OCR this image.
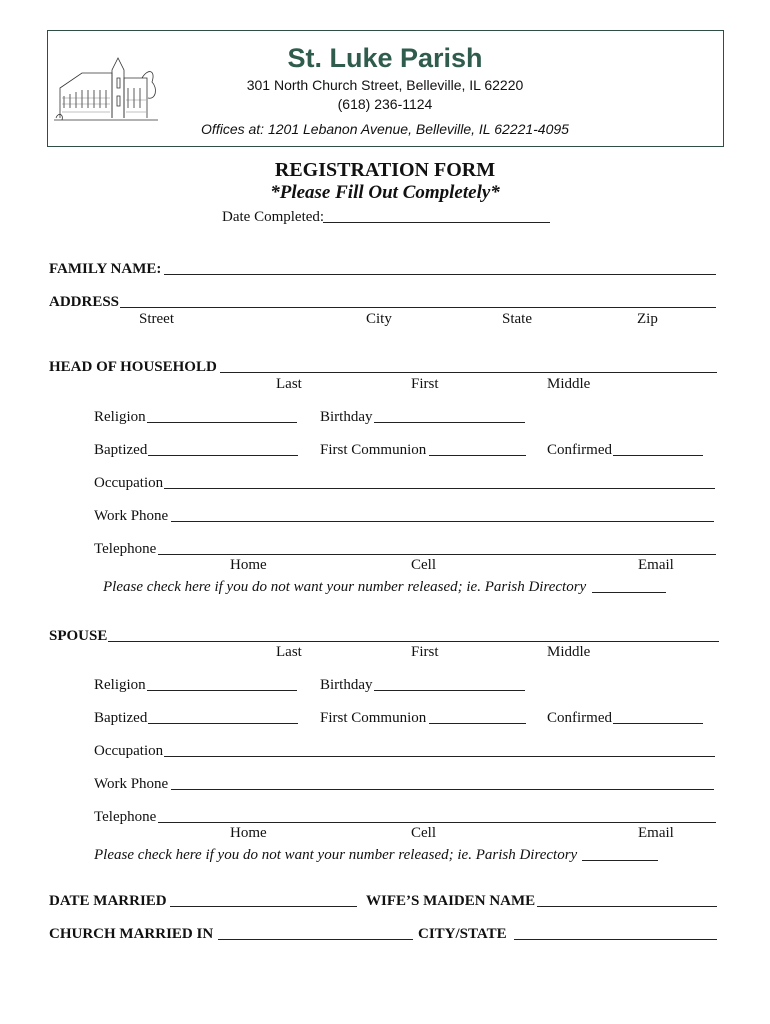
St. Luke Parish
301 North Church Street, Belleville, IL 62220
(618) 236-1124
Offices at: 1201 Lebanon Avenue, Belleville, IL 62221-4095
REGISTRATION FORM
*Please Fill Out Completely*
Date Completed:
FAMILY NAME:
ADDRESS
Street	City	State	Zip
HEAD OF HOUSEHOLD
Last	First	Middle
Religion	Birthday
Baptized	First Communion	Confirmed
Occupation
Work Phone
Telephone
Home	Cell	Email
Please check here if you do not want your number released; ie. Parish Directory
SPOUSE
Last	First	Middle
Religion	Birthday
Baptized	First Communion	Confirmed
Occupation
Work Phone
Telephone
Home	Cell	Email
Please check here if you do not want your number released; ie. Parish Directory
DATE MARRIED	WIFE’S MAIDEN NAME
CHURCH MARRIED IN	CITY/STATE
